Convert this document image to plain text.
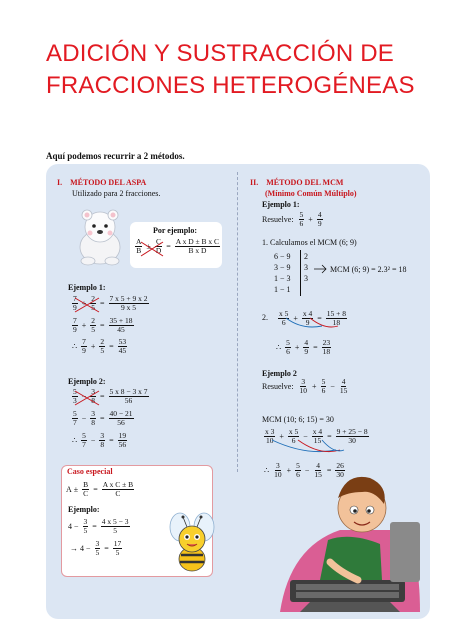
ADICIÓN Y SUSTRACCIÓN DE FRACCIONES HETEROGÉNEAS
Aquí podemos recurrir a 2 métodos.
I. MÉTODO DEL ASPA
Utilizado para 2 fracciones.
Por ejemplo:
$\frac{A}{B} \pm \frac{C}{D} = \frac{\text{A x D ± B x C}}{\text{B x D}}$
Ejemplo 1:
$\frac{7}{9} + \frac{2}{5} = \frac{7 x 5 + 9 x 2}{9 x 5}$
$\frac{7}{9} + \frac{2}{5} = \frac{35 + 18}{45}$
∴ $\frac{7}{9} + \frac{2}{5} = \frac{53}{45}$
Ejemplo 2:
$\frac{5}{3} - \frac{3}{8} = \frac{5 x 8 - 3 x 7}{56}$
$\frac{5}{7} - \frac{3}{8} = \frac{40 - 21}{56}$
∴ $\frac{5}{7} - \frac{3}{8} = \frac{19}{56}$
Caso especial
$A \pm \frac{B}{C} = \frac{\text{A x C ± B}}{C}$
Ejemplo:
$4 - \frac{3}{5} = \frac{4 x 5 - 3}{5}$
→ $4 - \frac{3}{5} = \frac{17}{5}$
II. MÉTODO DEL MCM
(Mínimo Común Múltiplo)
Ejemplo 1:
Resuelve: $\frac{5}{6} + \frac{4}{9}$
1. Calculamos el MCM (6; 9)
6 − 9
3 − 9
1 − 3
1 − 1
2
3
3
MCM (6; 9) = 2.3² = 18
2. $\frac{x 5}{6} + \frac{x 4}{9} = \frac{15 + 8}{18}$
∴ $\frac{5}{6} + \frac{4}{9} = \frac{23}{18}$
Ejemplo 2
Resuelve: $\frac{3}{10} + \frac{5}{6} - \frac{4}{15}$
MCM (10; 6; 15) = 30
$\frac{x 3}{10} + \frac{x 5}{6} - \frac{x 4}{15} = \frac{9 + 25 - 8}{30}$
∴ $\frac{3}{10} + \frac{5}{6} - \frac{4}{15} = \frac{26}{30}$
